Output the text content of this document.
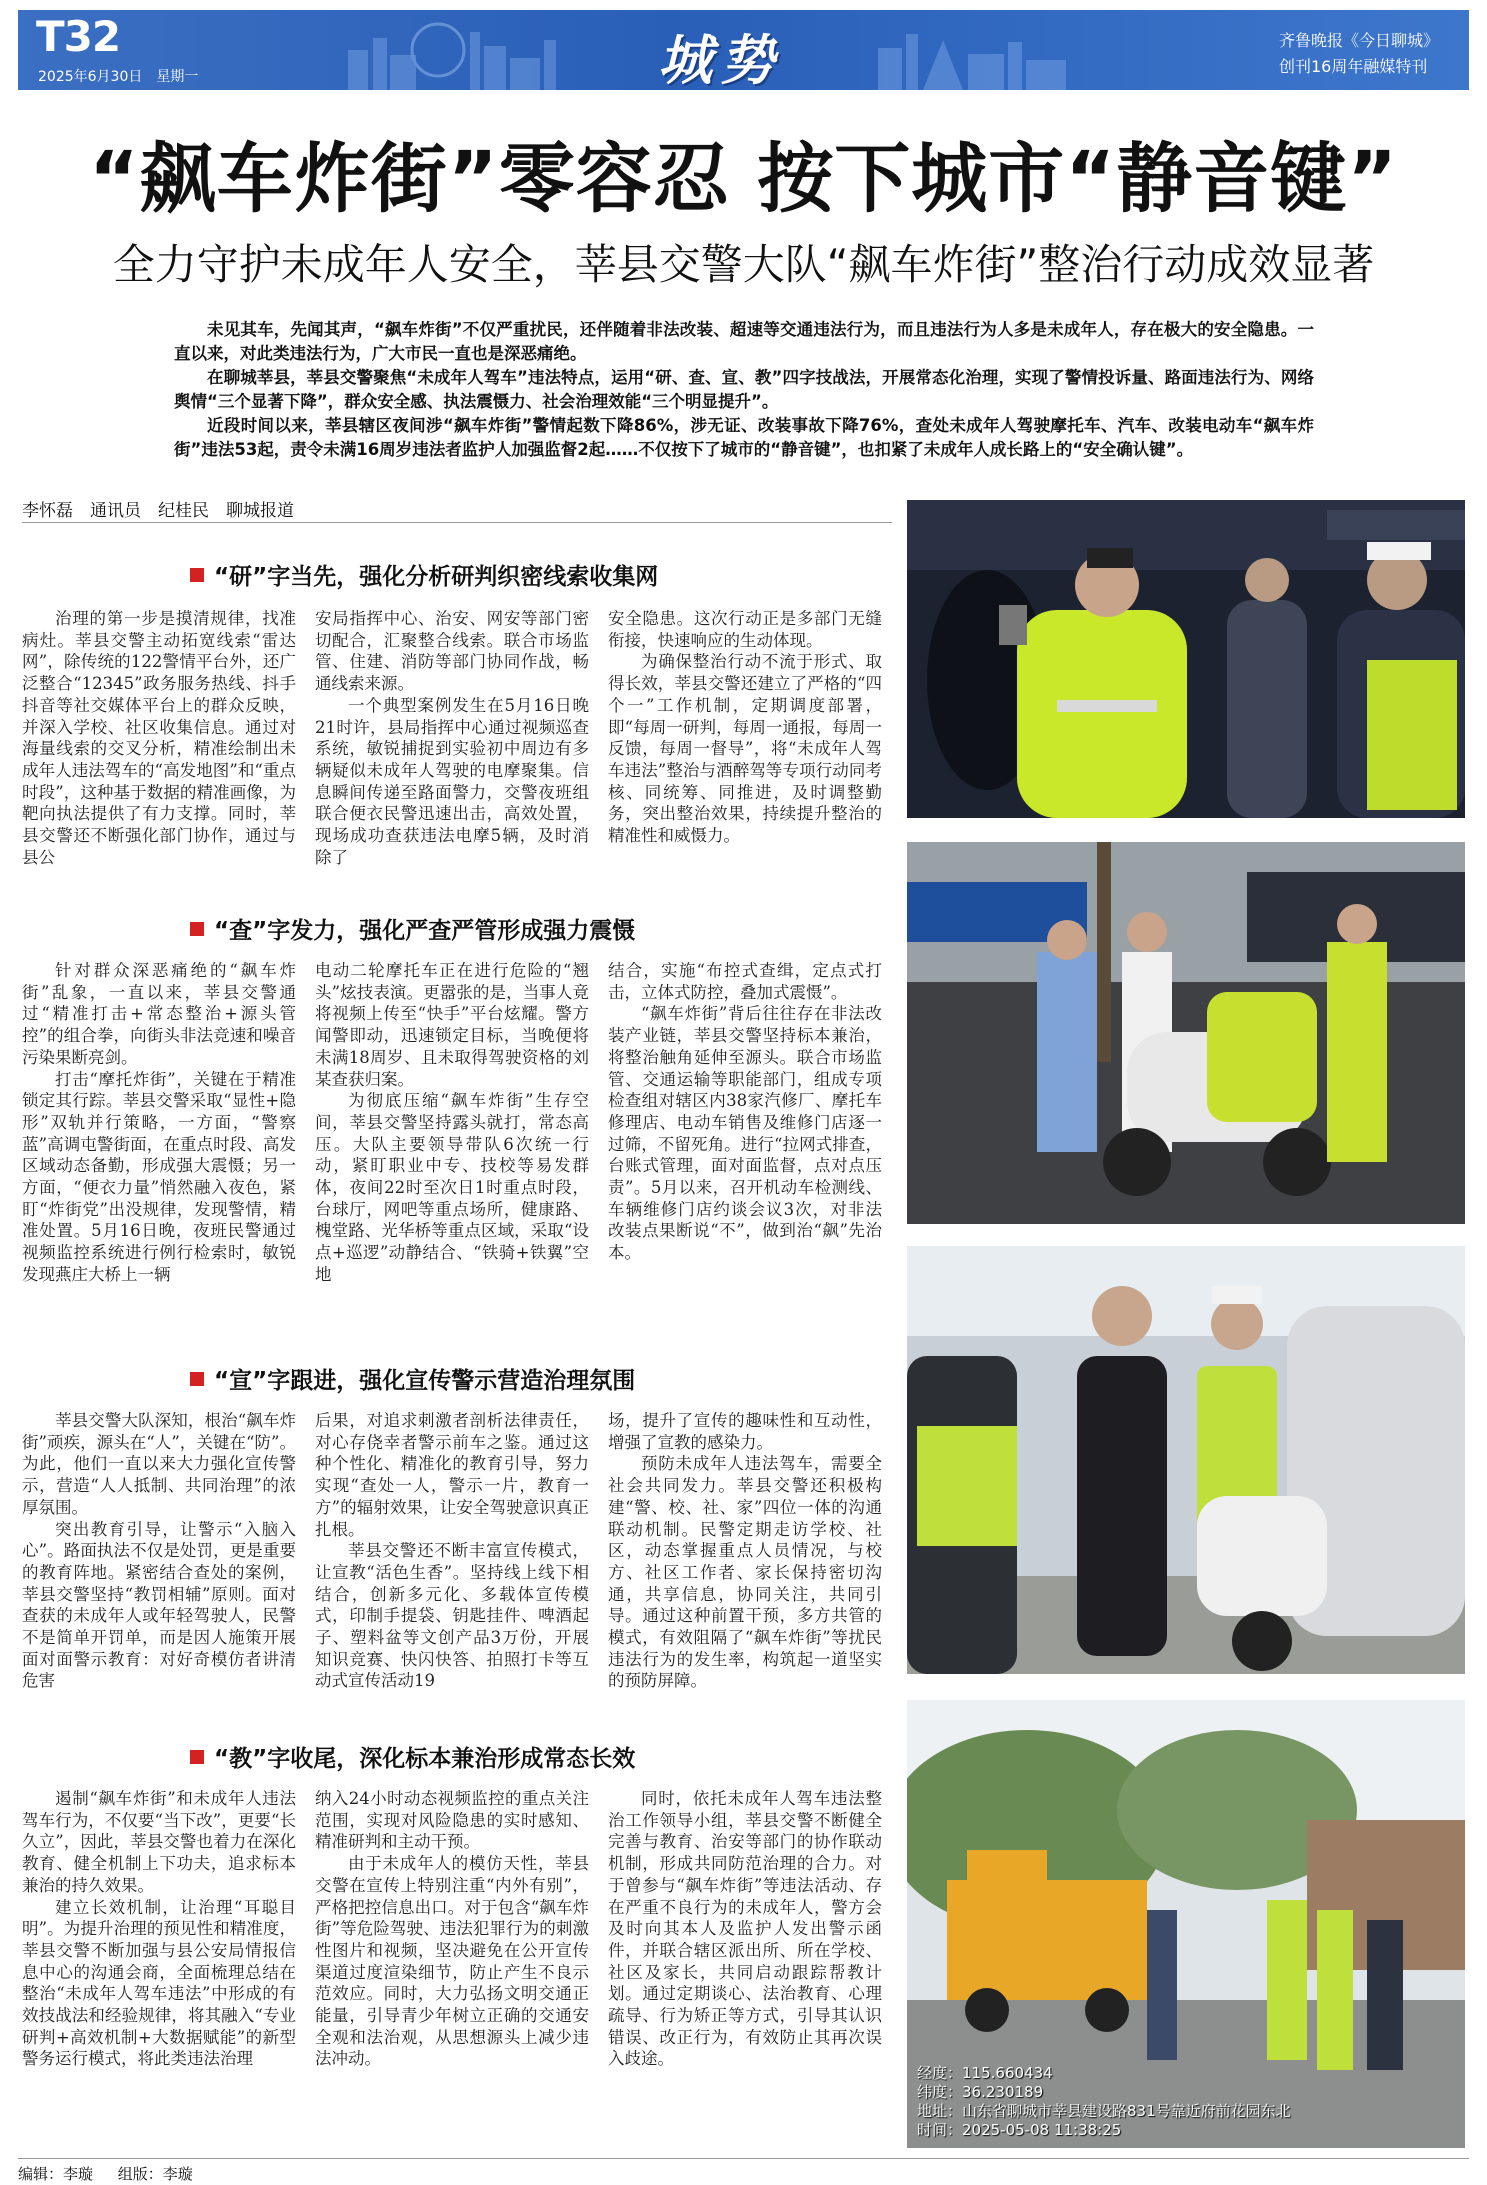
T32
2025年6月30日　星期一	城势	齐鲁晚报《今日聊城》
创刊16周年融媒特刊
“飙车炸街”零容忍 按下城市“静音键”
全力守护未成年人安全，莘县交警大队“飙车炸街”整治行动成效显著

未见其车，先闻其声，“飙车炸街”不仅严重扰民，还伴随着非法改装、超速等交通违法行为，而且违法行为人多是未成年人，存在极大的安全隐患。一直以来，对此类违法行为，广大市民一直也是深恶痛绝。

在聊城莘县，莘县交警聚焦“未成年人驾车”违法特点，运用“研、查、宣、教”四字技战法，开展常态化治理，实现了警情投诉量、路面违法行为、网络舆情“三个显著下降”，群众安全感、执法震慑力、社会治理效能“三个明显提升”。

近段时间以来，莘县辖区夜间涉“飙车炸街”警情起数下降86%，涉无证、改装事故下降76%，查处未成年人驾驶摩托车、汽车、改装电动车“飙车炸街”违法53起，责令未满16周岁违法者监护人加强监督2起……不仅按下了城市的“静音键”，也扣紧了未成年人成长路上的“安全确认键”。

李怀磊　通讯员　纪桂民　聊城报道
“研”字当先，强化分析研判织密线索收集网

治理的第一步是摸清规律，找准病灶。莘县交警主动拓宽线索“雷达网”，除传统的122警情平台外，还广泛整合“12345”政务服务热线、抖手抖音等社交媒体平台上的群众反映，并深入学校、社区收集信息。通过对海量线索的交叉分析，精准绘制出未成年人违法驾车的“高发地图”和“重点时段”，这种基于数据的精准画像，为靶向执法提供了有力支撑。同时，莘县交警还不断强化部门协作，通过与县公

安局指挥中心、治安、网安等部门密切配合，汇聚整合线索。联合市场监管、住建、消防等部门协同作战，畅通线索来源。

一个典型案例发生在5月16日晚21时许，县局指挥中心通过视频巡查系统，敏锐捕捉到实验初中周边有多辆疑似未成年人驾驶的电摩聚集。信息瞬间传递至路面警力，交警夜班组联合便衣民警迅速出击，高效处置，现场成功查获违法电摩5辆，及时消除了

安全隐患。这次行动正是多部门无缝衔接，快速响应的生动体现。

为确保整治行动不流于形式、取得长效，莘县交警还建立了严格的“四个一”工作机制，定期调度部署，即“每周一研判，每周一通报，每周一反馈，每周一督导”，将“未成年人驾车违法”整治与酒醉驾等专项行动同考核、同统筹、同推进，及时调整勤务，突出整治效果，持续提升整治的精准性和威慑力。

“查”字发力，强化严查严管形成强力震慑

针对群众深恶痛绝的“飙车炸街”乱象，一直以来，莘县交警通过“精准打击+常态整治+源头管控”的组合拳，向街头非法竞速和噪音污染果断亮剑。

打击“摩托炸街”，关键在于精准锁定其行踪。莘县交警采取“显性+隐形”双轨并行策略，一方面，“警察蓝”高调屯警街面，在重点时段、高发区域动态备勤，形成强大震慑；另一方面，“便衣力量”悄然融入夜色，紧盯“炸街党”出没规律，发现警情，精准处置。5月16日晚，夜班民警通过视频监控系统进行例行检索时，敏锐发现燕庄大桥上一辆

电动二轮摩托车正在进行危险的“翘头”炫技表演。更嚣张的是，当事人竟将视频上传至“快手”平台炫耀。警方闻警即动，迅速锁定目标，当晚便将未满18周岁、且未取得驾驶资格的刘某查获归案。

为彻底压缩“飙车炸街”生存空间，莘县交警坚持露头就打，常态高压。大队主要领导带队6次统一行动，紧盯职业中专、技校等易发群体，夜间22时至次日1时重点时段，台球厅，网吧等重点场所，健康路、槐堂路、光华桥等重点区域，采取“设点+巡逻”动静结合、“铁骑+铁翼”空地

结合，实施“布控式查缉，定点式打击，立体式防控，叠加式震慑”。

“飙车炸街”背后往往存在非法改装产业链，莘县交警坚持标本兼治，将整治触角延伸至源头。联合市场监管、交通运输等职能部门，组成专项检查组对辖区内38家汽修厂、摩托车修理店、电动车销售及维修门店逐一过筛，不留死角。进行“拉网式排查，台账式管理，面对面监督，点对点压责”。5月以来，召开机动车检测线、车辆维修门店约谈会议3次，对非法改装点果断说“不”，做到治“飙”先治本。

“宣”字跟进，强化宣传警示营造治理氛围

莘县交警大队深知，根治“飙车炸街”顽疾，源头在“人”，关键在“防”。为此，他们一直以来大力强化宣传警示，营造“人人抵制、共同治理”的浓厚氛围。

突出教育引导，让警示“入脑入心”。路面执法不仅是处罚，更是重要的教育阵地。紧密结合查处的案例，莘县交警坚持“教罚相辅”原则。面对查获的未成年人或年轻驾驶人，民警不是简单开罚单，而是因人施策开展面对面警示教育：对好奇模仿者讲清危害

后果，对追求刺激者剖析法律责任，对心存侥幸者警示前车之鉴。通过这种个性化、精准化的教育引导，努力实现“查处一人，警示一片，教育一方”的辐射效果，让安全驾驶意识真正扎根。

莘县交警还不断丰富宣传模式，让宣教“活色生香”。坚持线上线下相结合，创新多元化、多载体宣传模式，印制手提袋、钥匙挂件、啤酒起子、塑料盆等文创产品3万份，开展知识竞赛、快闪快答、拍照打卡等互动式宣传活动19

场，提升了宣传的趣味性和互动性，增强了宣教的感染力。

预防未成年人违法驾车，需要全社会共同发力。莘县交警还积极构建“警、校、社、家”四位一体的沟通联动机制。民警定期走访学校、社区，动态掌握重点人员情况，与校方、社区工作者、家长保持密切沟通，共享信息，协同关注，共同引导。通过这种前置干预，多方共管的模式，有效阻隔了“飙车炸街”等扰民违法行为的发生率，构筑起一道坚实的预防屏障。

“教”字收尾，深化标本兼治形成常态长效

遏制“飙车炸街”和未成年人违法驾车行为，不仅要“当下改”，更要“长久立”，因此，莘县交警也着力在深化教育、健全机制上下功夫，追求标本兼治的持久效果。

建立长效机制，让治理“耳聪目明”。为提升治理的预见性和精准度，莘县交警不断加强与县公安局情报信息中心的沟通会商，全面梳理总结在整治“未成年人驾车违法”中形成的有效技战法和经验规律，将其融入“专业研判+高效机制+大数据赋能”的新型警务运行模式，将此类违法治理

纳入24小时动态视频监控的重点关注范围，实现对风险隐患的实时感知、精准研判和主动干预。

由于未成年人的模仿天性，莘县交警在宣传上特别注重“内外有别”，严格把控信息出口。对于包含“飙车炸街”等危险驾驶、违法犯罪行为的刺激性图片和视频，坚决避免在公开宣传渠道过度渲染细节，防止产生不良示范效应。同时，大力弘扬文明交通正能量，引导青少年树立正确的交通安全观和法治观，从思想源头上减少违法冲动。

同时，依托未成年人驾车违法整治工作领导小组，莘县交警不断健全完善与教育、治安等部门的协作联动机制，形成共同防范治理的合力。对于曾参与“飙车炸街”等违法活动、存在严重不良行为的未成年人，警方会及时向其本人及监护人发出警示函件，并联合辖区派出所、所在学校、社区及家长，共同启动跟踪帮教计划。通过定期谈心、法治教育、心理疏导、行为矫正等方式，引导其认识错误、改正行为，有效防止其再次误入歧途。

经度：115.660434
纬度：36.230189
地址：山东省聊城市莘县建设路831号靠近府前花园东北
时间：2025-05-08 11:38:25
编辑：李璇 组版：李璇
